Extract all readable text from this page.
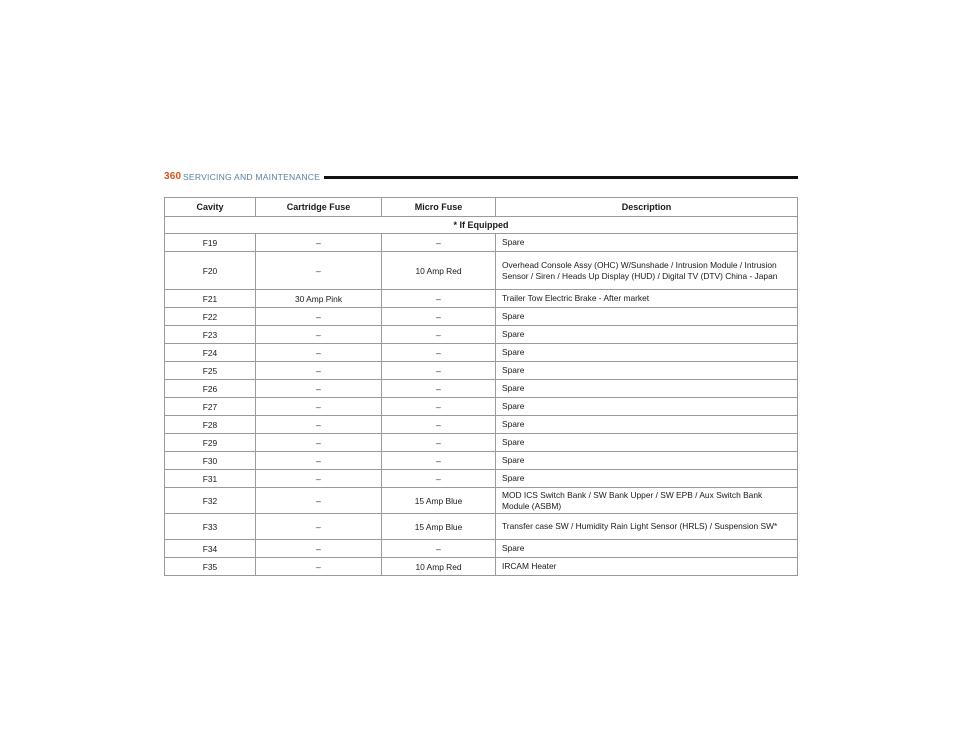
360 SERVICING AND MAINTENANCE
Cavity	Cartridge Fuse	Micro Fuse	Description
* If Equipped			
F19	–	–	Spare
F20	–	10 Amp Red	Overhead Console Assy (OHC) W/Sunshade / Intrusion Module / Intrusion Sensor / Siren / Heads Up Display (HUD) / Digital TV (DTV) China - Japan
F21	30 Amp Pink	–	Trailer Tow Electric Brake - After market
F22	–	–	Spare
F23	–	–	Spare
F24	–	–	Spare
F25	–	–	Spare
F26	–	–	Spare
F27	–	–	Spare
F28	–	–	Spare
F29	–	–	Spare
F30	–	–	Spare
F31	–	–	Spare
F32	–	15 Amp Blue	MOD ICS Switch Bank / SW Bank Upper / SW EPB / Aux Switch Bank Module (ASBM)
F33	–	15 Amp Blue	Transfer case SW / Humidity Rain Light Sensor (HRLS) / Suspension SW*
F34	–	–	Spare
F35	–	10 Amp Red	IRCAM Heater
